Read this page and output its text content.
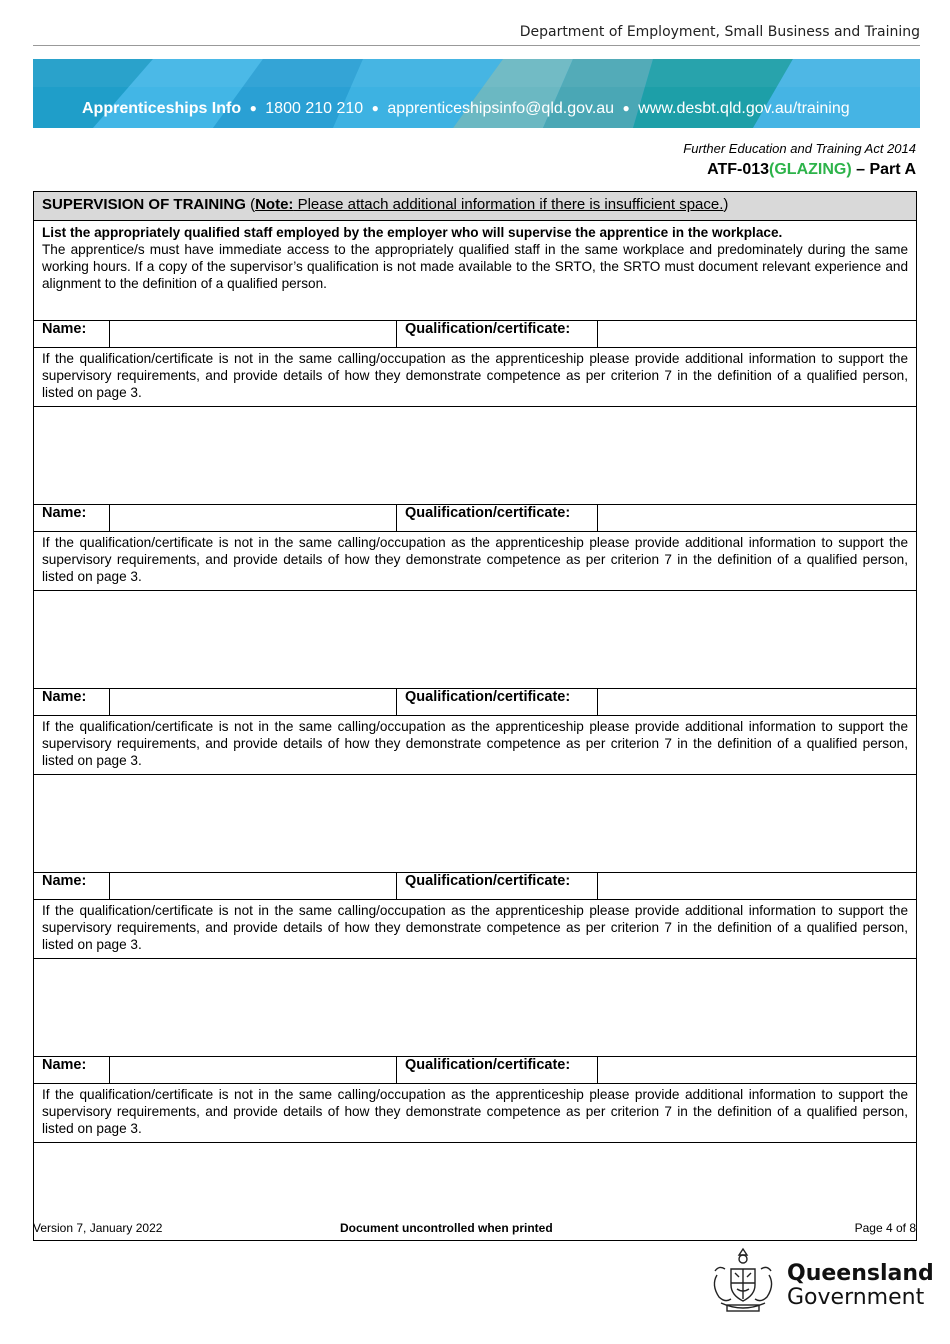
Department of Employment, Small Business and Training
Apprenticeships Info ● 1800 210 210 ● apprenticeshipsinfo@qld.gov.au ● www.desbt.qld.gov.au/training
Further Education and Training Act 2014
ATF-013(GLAZING) – Part A
SUPERVISION OF TRAINING (Note: Please attach additional information if there is insufficient space.)			
List the appropriately qualified staff employed by the employer who will supervise the apprentice in the workplace.
The apprentice/s must have immediate access to the appropriately qualified staff in the same workplace and predominately during the same working hours. If a copy of the supervisor’s qualification is not made available to the SRTO, the SRTO must document relevant experience and alignment to the definition of a qualified person.			
Name:		Qualification/certificate:	
If the qualification/certificate is not in the same calling/occupation as the apprenticeship please provide additional information to support the supervisory requirements, and provide details of how they demonstrate competence as per criterion 7 in the definition of a qualified person, listed on page 3.			

Name:		Qualification/certificate:	
If the qualification/certificate is not in the same calling/occupation as the apprenticeship please provide additional information to support the supervisory requirements, and provide details of how they demonstrate competence as per criterion 7 in the definition of a qualified person, listed on page 3.			

Name:		Qualification/certificate:	
If the qualification/certificate is not in the same calling/occupation as the apprenticeship please provide additional information to support the supervisory requirements, and provide details of how they demonstrate competence as per criterion 7 in the definition of a qualified person, listed on page 3.			

Name:		Qualification/certificate:	
If the qualification/certificate is not in the same calling/occupation as the apprenticeship please provide additional information to support the supervisory requirements, and provide details of how they demonstrate competence as per criterion 7 in the definition of a qualified person, listed on page 3.			

Name:		Qualification/certificate:	
If the qualification/certificate is not in the same calling/occupation as the apprenticeship please provide additional information to support the supervisory requirements, and provide details of how they demonstrate competence as per criterion 7 in the definition of a qualified person, listed on page 3.			

Version 7, January 2022	Document uncontrolled when printed	Page 4 of 8
Queensland
Government
